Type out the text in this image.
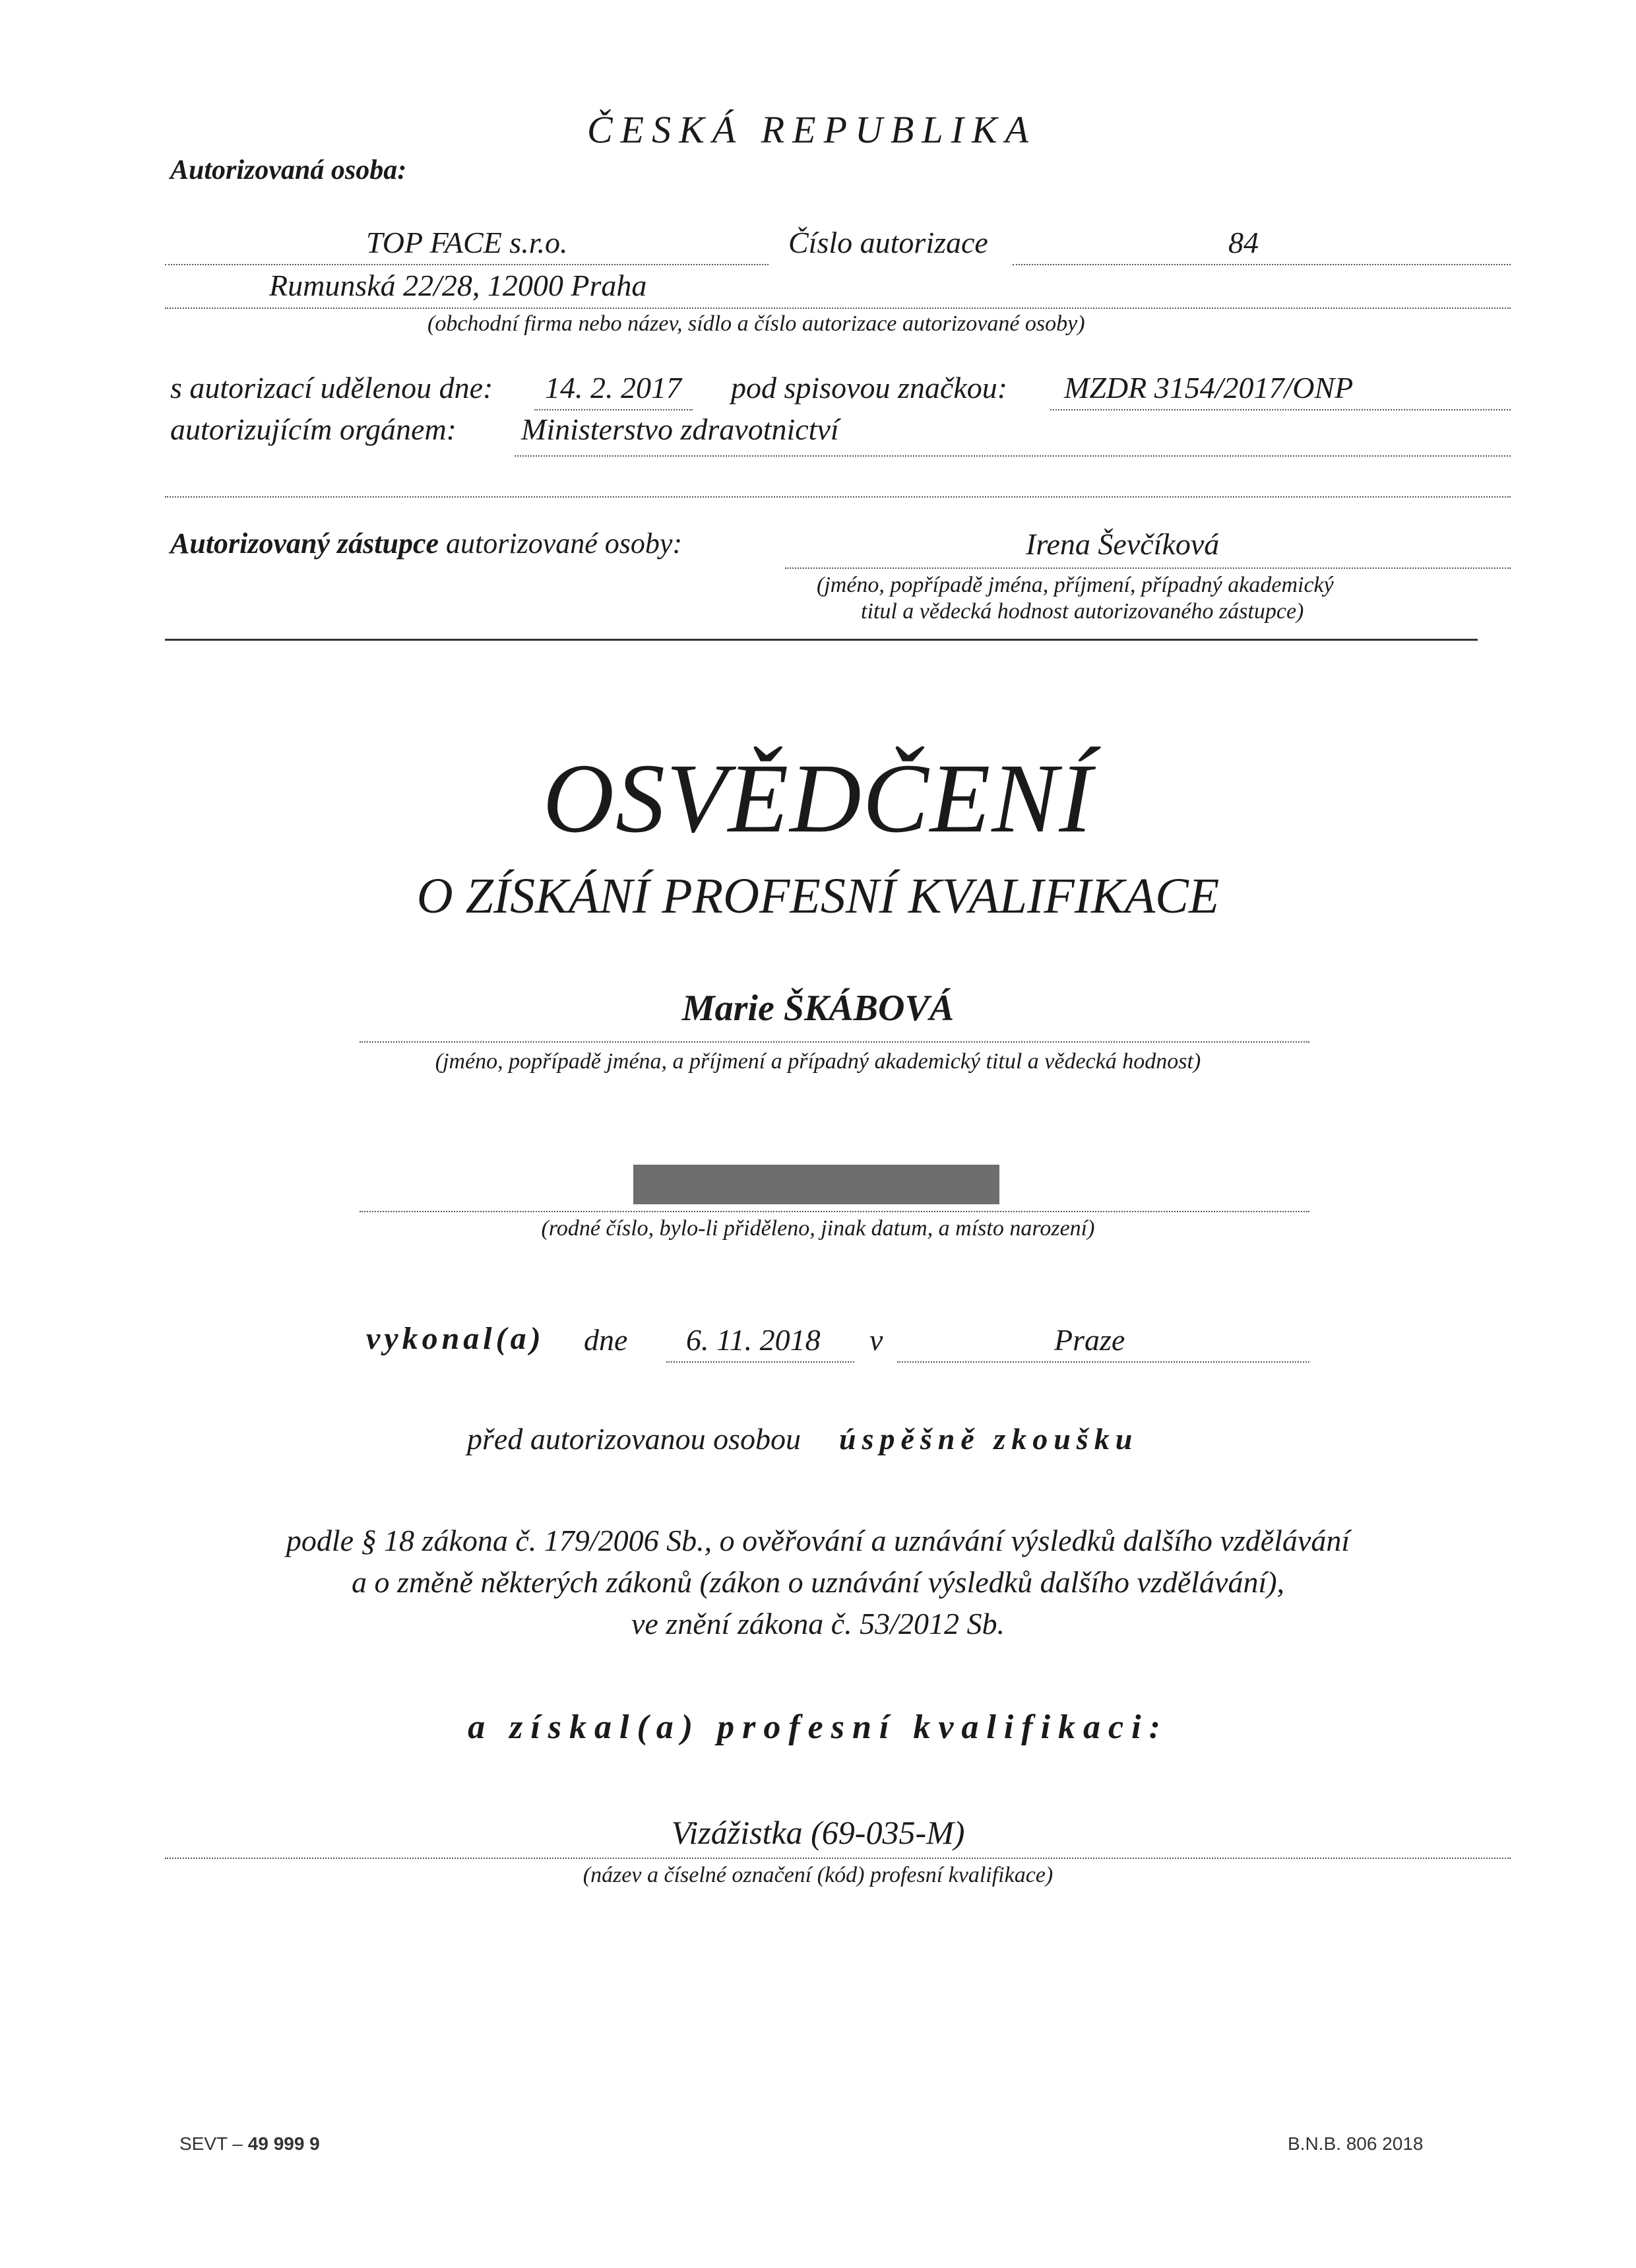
ČESKÁ REPUBLIKA
Autorizovaná osoba:
TOP FACE s.r.o.	Číslo autorizace	84
Rumunská 22/28, 12000 Praha
(obchodní firma nebo název, sídlo a číslo autorizace autorizované osoby)
s autorizací udělenou dne: 14. 2. 2017 pod spisovou značkou: MZDR 3154/2017/ONP
autorizujícím orgánem: Ministerstvo zdravotnictví
Autorizovaný zástupce autorizované osoby:	Irena Ševčíková
(jméno, popřípadě jména, příjmení, případný akademický
titul a vědecká hodnost autorizovaného zástupce)
OSVĚDČENÍ
O ZÍSKÁNÍ PROFESNÍ KVALIFIKACE
Marie ŠKÁBOVÁ
(jméno, popřípadě jména, a příjmení a případný akademický titul a vědecká hodnost)
(rodné číslo, bylo-li přiděleno, jinak datum, a místo narození)
vykonal(a) dne 6. 11. 2018 v	Praze
před autorizovanou osobou úspěšně zkoušku
podle § 18 zákona č. 179/2006 Sb., o ověřování a uznávání výsledků dalšího vzdělávání
a o změně některých zákonů (zákon o uznávání výsledků dalšího vzdělávání),
ve znění zákona č. 53/2012 Sb.
a získal(a) profesní kvalifikaci:
Vizážistka (69-035-M)
(název a číselné označení (kód) profesní kvalifikace)
SEVT – 49 999 9	B.N.B. 806 2018
